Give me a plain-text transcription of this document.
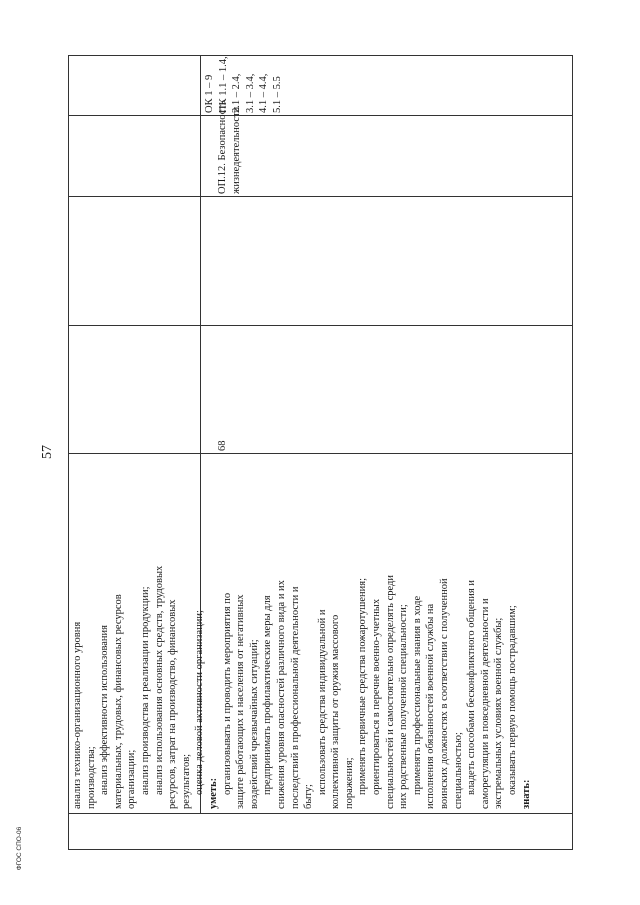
анализ технико-организационного уровня производства; анализ эффективности использования материальных, трудовых, финансовых ресурсов организации; анализ производства и реализации продукции; анализ использования основных средств, трудовых ресурсов, затрат на производство, финансовых результатов; оценка деловой активности организации; уметь: организовывать и проводить мероприятия по защите работающих и населения от негативных воздействий чрезвычайных ситуаций; предпринимать профилактические меры для снижения уровня опасностей различного вида и их последствий в профессиональной деятельности и быту;
использовать средства индивидуальной и коллективной защиты от оружия массового поражения; применять первичные средства пожаротушения; ориентироваться в перечне военно-учетных специальностей и самостоятельно определять среди них родственные полученной специальности; применять профессиональные знания в ходе исполнения обязанностей военной службы на воинских должностях в соответствии с полученной специальностью; владеть способами бесконфликтного общения и саморегуляции в повседневной деятельности и экстремальных условиях военной службы; оказывать первую помощь пострадавшим; знать:
68
ОП.12. Безопасность жизнедеятельности
ОК 1 – 9 ПК 1.1 – 1.4, 2.1 – 2.4, 3.1 – 3.4, 4.1 – 4.4, 5.1 – 5.5
57
ФГОС СПО-06
